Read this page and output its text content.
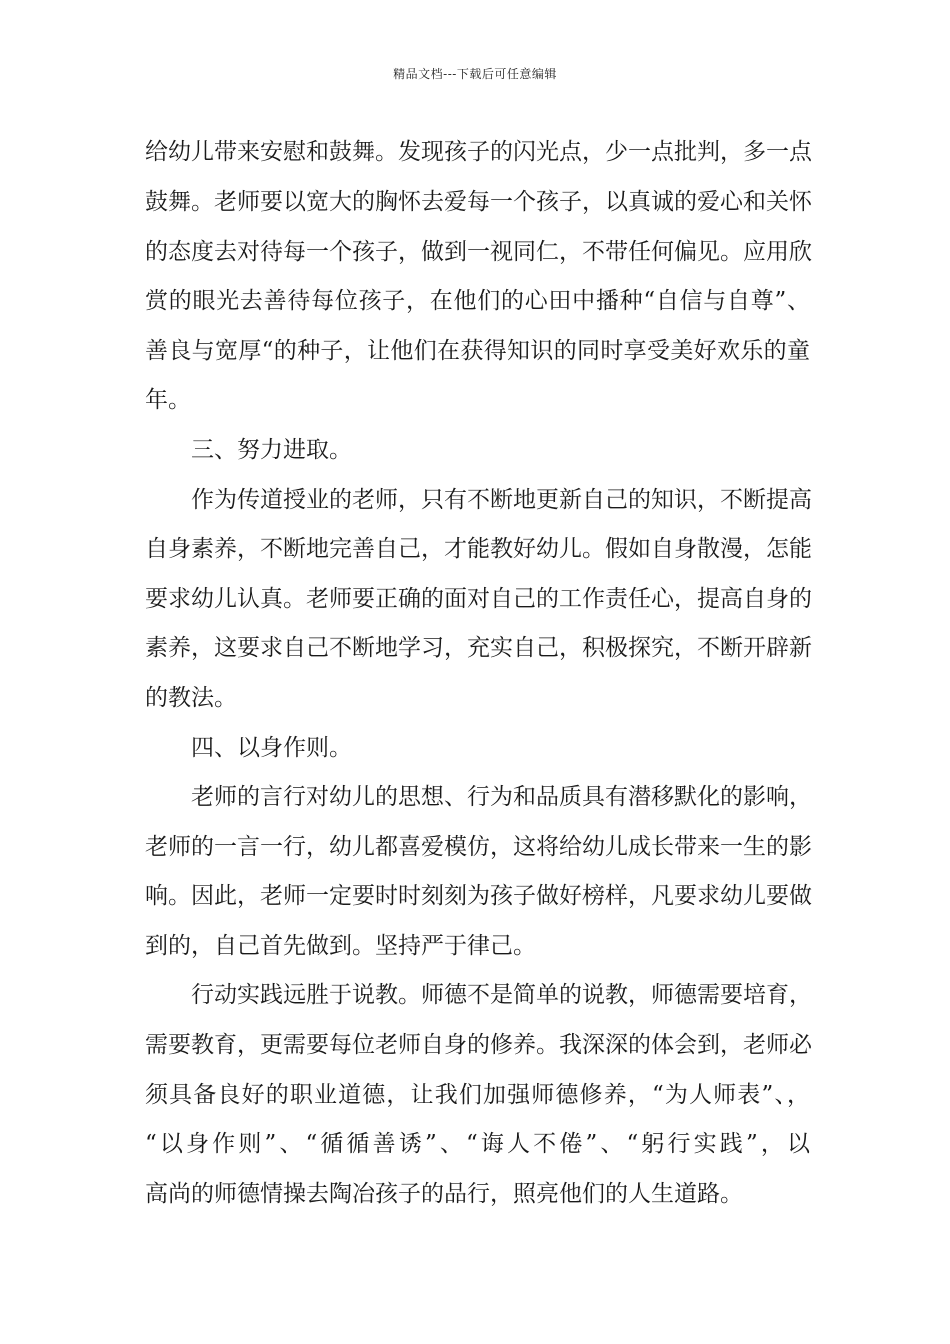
精品文档---下载后可任意编辑
给幼儿带来安慰和鼓舞。发现孩子的闪光点，少一点批判，多一点
鼓舞。老师要以宽大的胸怀去爱每一个孩子，以真诚的爱心和关怀
的态度去对待每一个孩子，做到一视同仁，不带任何偏见。应用欣
赏的眼光去善待每位孩子，在他们的心田中播种“自信与自尊”、
善良与宽厚“的种子，让他们在获得知识的同时享受美好欢乐的童
年。
三、努力进取。
作为传道授业的老师，只有不断地更新自己的知识，不断提高
自身素养，不断地完善自己，才能教好幼儿。假如自身散漫，怎能
要求幼儿认真。老师要正确的面对自己的工作责任心，提高自身的
素养，这要求自己不断地学习，充实自己，积极探究，不断开辟新
的教法。
四、以身作则。
老师的言行对幼儿的思想、行为和品质具有潜移默化的影响，
老师的一言一行，幼儿都喜爱模仿，这将给幼儿成长带来一生的影
响。因此，老师一定要时时刻刻为孩子做好榜样，凡要求幼儿要做
到的，自己首先做到。坚持严于律己。
行动实践远胜于说教。师德不是简单的说教，师德需要培育，
需要教育，更需要每位老师自身的修养。我深深的体会到，老师必
须具备良好的职业道德，让我们加强师德修养，“为人师表”、，
“以身作则”、“循循善诱”、“诲人不倦”、“躬行实践”，以
高尚的师德情操去陶冶孩子的品行，照亮他们的人生道路。
